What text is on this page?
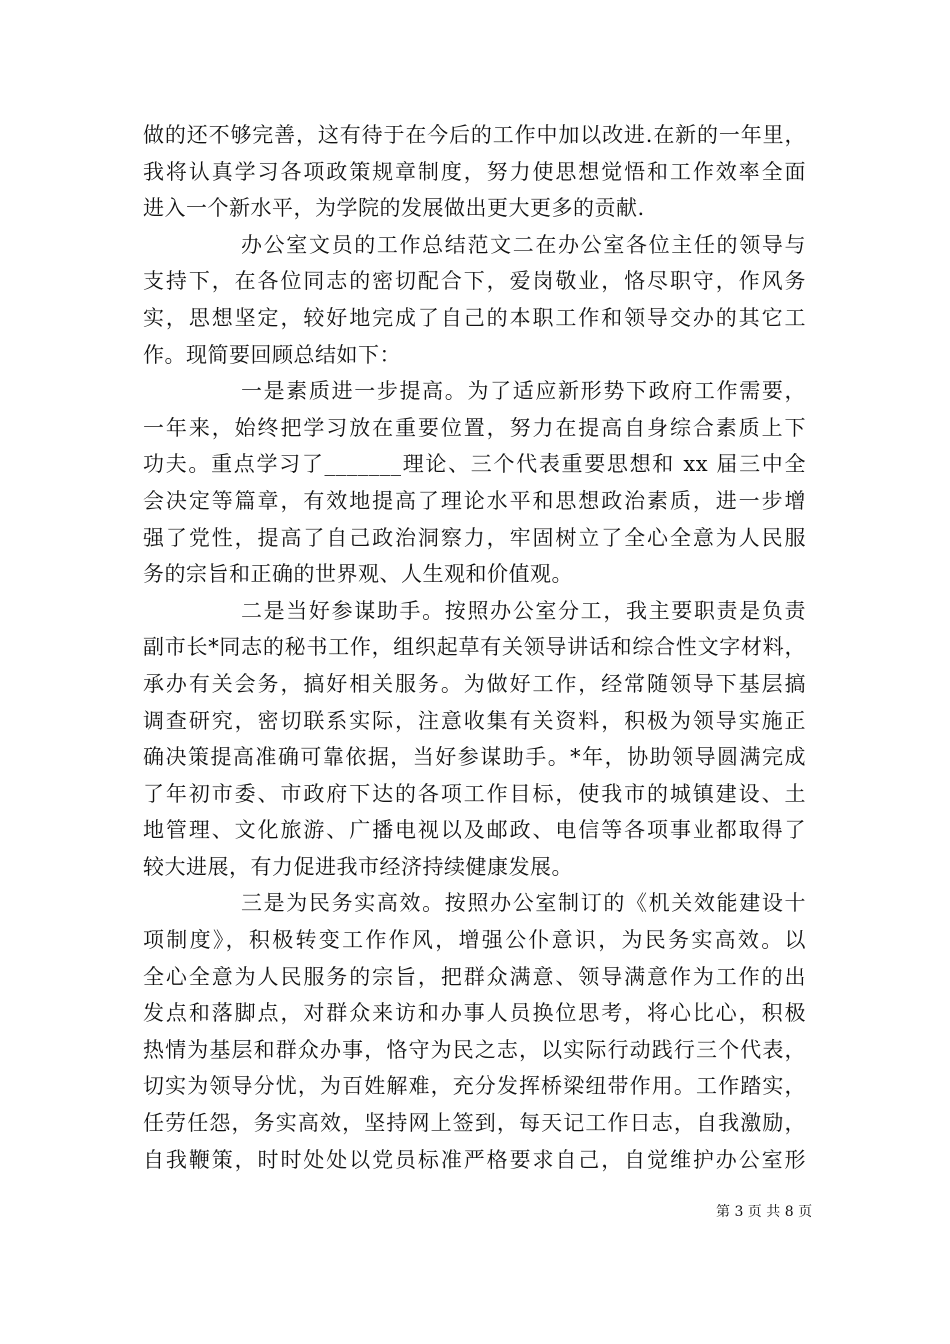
做的还不够完善，这有待于在今后的工作中加以改进.在新的一年里，
我将认真学习各项政策规章制度，努力使思想觉悟和工作效率全面
进入一个新水平，为学院的发展做出更大更多的贡献.
办公室文员的工作总结范文二在办公室各位主任的领导与
支持下，在各位同志的密切配合下，爱岗敬业，恪尽职守，作风务
实，思想坚定，较好地完成了自己的本职工作和领导交办的其它工
作。现简要回顾总结如下：
一是素质进一步提高。为了适应新形势下政府工作需要，
一年来，始终把学习放在重要位置，努力在提高自身综合素质上下
功夫。重点学习了_______理论、三个代表重要思想和 xx 届三中全
会决定等篇章，有效地提高了理论水平和思想政治素质，进一步增
强了党性，提高了自己政治洞察力，牢固树立了全心全意为人民服
务的宗旨和正确的世界观、人生观和价值观。
二是当好参谋助手。按照办公室分工，我主要职责是负责
副市长*同志的秘书工作，组织起草有关领导讲话和综合性文字材料，
承办有关会务，搞好相关服务。为做好工作，经常随领导下基层搞
调查研究，密切联系实际，注意收集有关资料，积极为领导实施正
确决策提高准确可靠依据，当好参谋助手。*年，协助领导圆满完成
了年初市委、市政府下达的各项工作目标，使我市的城镇建设、土
地管理、文化旅游、广播电视以及邮政、电信等各项事业都取得了
较大进展，有力促进我市经济持续健康发展。
三是为民务实高效。按照办公室制订的《机关效能建设十
项制度》，积极转变工作作风，增强公仆意识，为民务实高效。以
全心全意为人民服务的宗旨，把群众满意、领导满意作为工作的出
发点和落脚点，对群众来访和办事人员换位思考，将心比心，积极
热情为基层和群众办事，恪守为民之志，以实际行动践行三个代表，
切实为领导分忧，为百姓解难，充分发挥桥梁纽带作用。工作踏实，
任劳任怨，务实高效，坚持网上签到，每天记工作日志，自我激励，
自我鞭策，时时处处以党员标准严格要求自己，自觉维护办公室形
第 3 页 共 8 页
